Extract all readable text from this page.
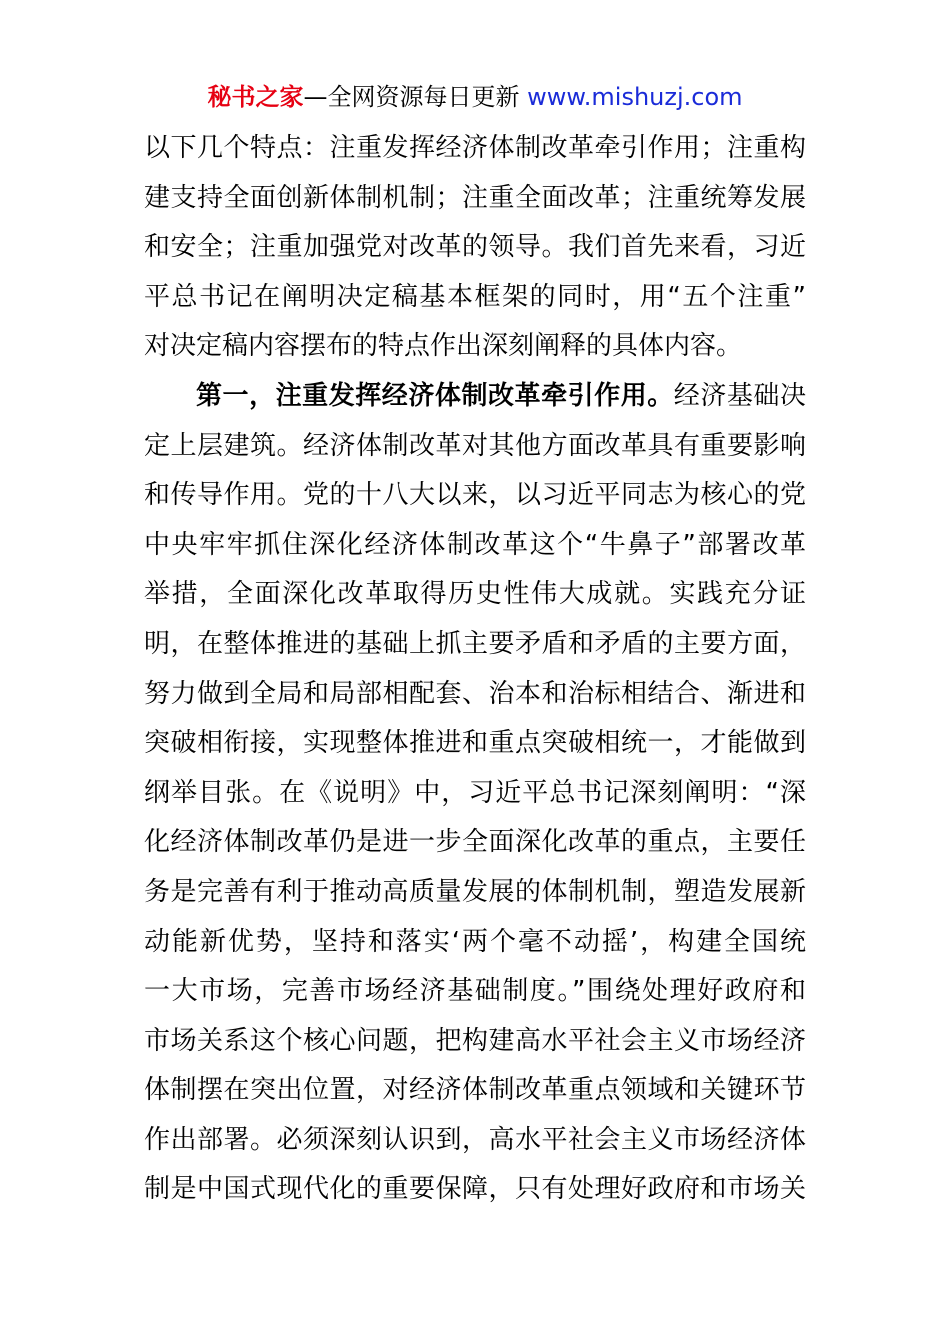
秘书之家—全网资源每日更新 www.mishuzj.com
以下几个特点：注重发挥经济体制改革牵引作用；注重构
建支持全面创新体制机制；注重全面改革；注重统筹发展
和安全；注重加强党对改革的领导。我们首先来看，习近
平总书记在阐明决定稿基本框架的同时，用“五个注重”
对决定稿内容摆布的特点作出深刻阐释的具体内容。
第一，注重发挥经济体制改革牵引作用。经济基础决
定上层建筑。经济体制改革对其他方面改革具有重要影响
和传导作用。党的十八大以来，以习近平同志为核心的党
中央牢牢抓住深化经济体制改革这个“牛鼻子”部署改革
举措，全面深化改革取得历史性伟大成就。实践充分证
明，在整体推进的基础上抓主要矛盾和矛盾的主要方面，
努力做到全局和局部相配套、治本和治标相结合、渐进和
突破相衔接，实现整体推进和重点突破相统一，才能做到
纲举目张。在《说明》中，习近平总书记深刻阐明：“深
化经济体制改革仍是进一步全面深化改革的重点，主要任
务是完善有利于推动高质量发展的体制机制，塑造发展新
动能新优势，坚持和落实‘两个毫不动摇’，构建全国统
一大市场，完善市场经济基础制度。”围绕处理好政府和
市场关系这个核心问题，把构建高水平社会主义市场经济
体制摆在突出位置，对经济体制改革重点领域和关键环节
作出部署。必须深刻认识到，高水平社会主义市场经济体
制是中国式现代化的重要保障，只有处理好政府和市场关
